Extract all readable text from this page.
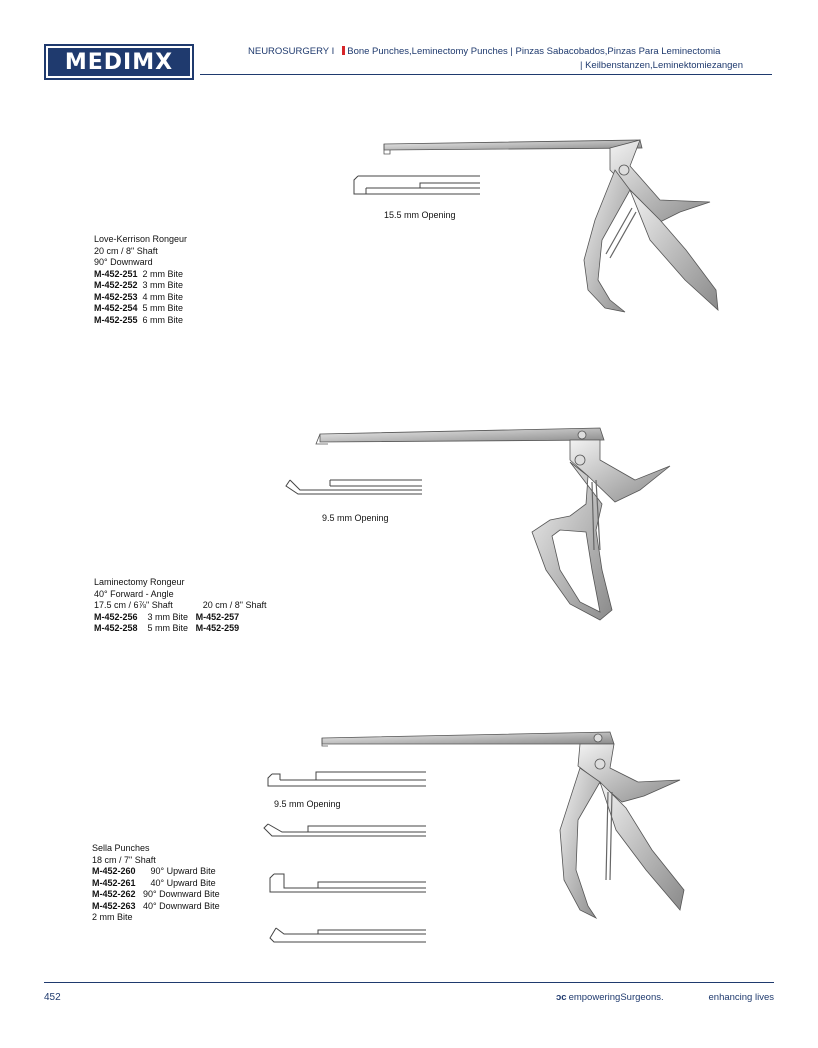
MEDIMX	NEUROSURGERY I Bone Punches,Leminectomy Punches | Pinzas Sabacobados,Pinzas Para Leminectomia
| Keilbenstanzen,Leminektomiezangen
Love-Kerrison Rongeur
20 cm / 8" Shaft
90° Downward
M-452-251 2 mm Bite
M-452-252 3 mm Bite
M-452-253 4 mm Bite
M-452-254 5 mm Bite
M-452-255 6 mm Bite
15.5 mm Opening
Laminectomy Rongeur
40° Forward - Angle
17.5 cm / 6⅞" Shaft	20 cm / 8" Shaft
M-452-256 3 mm Bite M-452-257
M-452-258 5 mm Bite M-452-259
9.5 mm Opening
Sella Punches
18 cm / 7" Shaft
M-452-260 90° Upward Bite
M-452-261 40° Upward Bite
M-452-262 90° Downward Bite
M-452-263 40° Downward Bite
2 mm Bite
9.5 mm Opening
452	ↄc empoweringSurgeons.	enhancing lives
